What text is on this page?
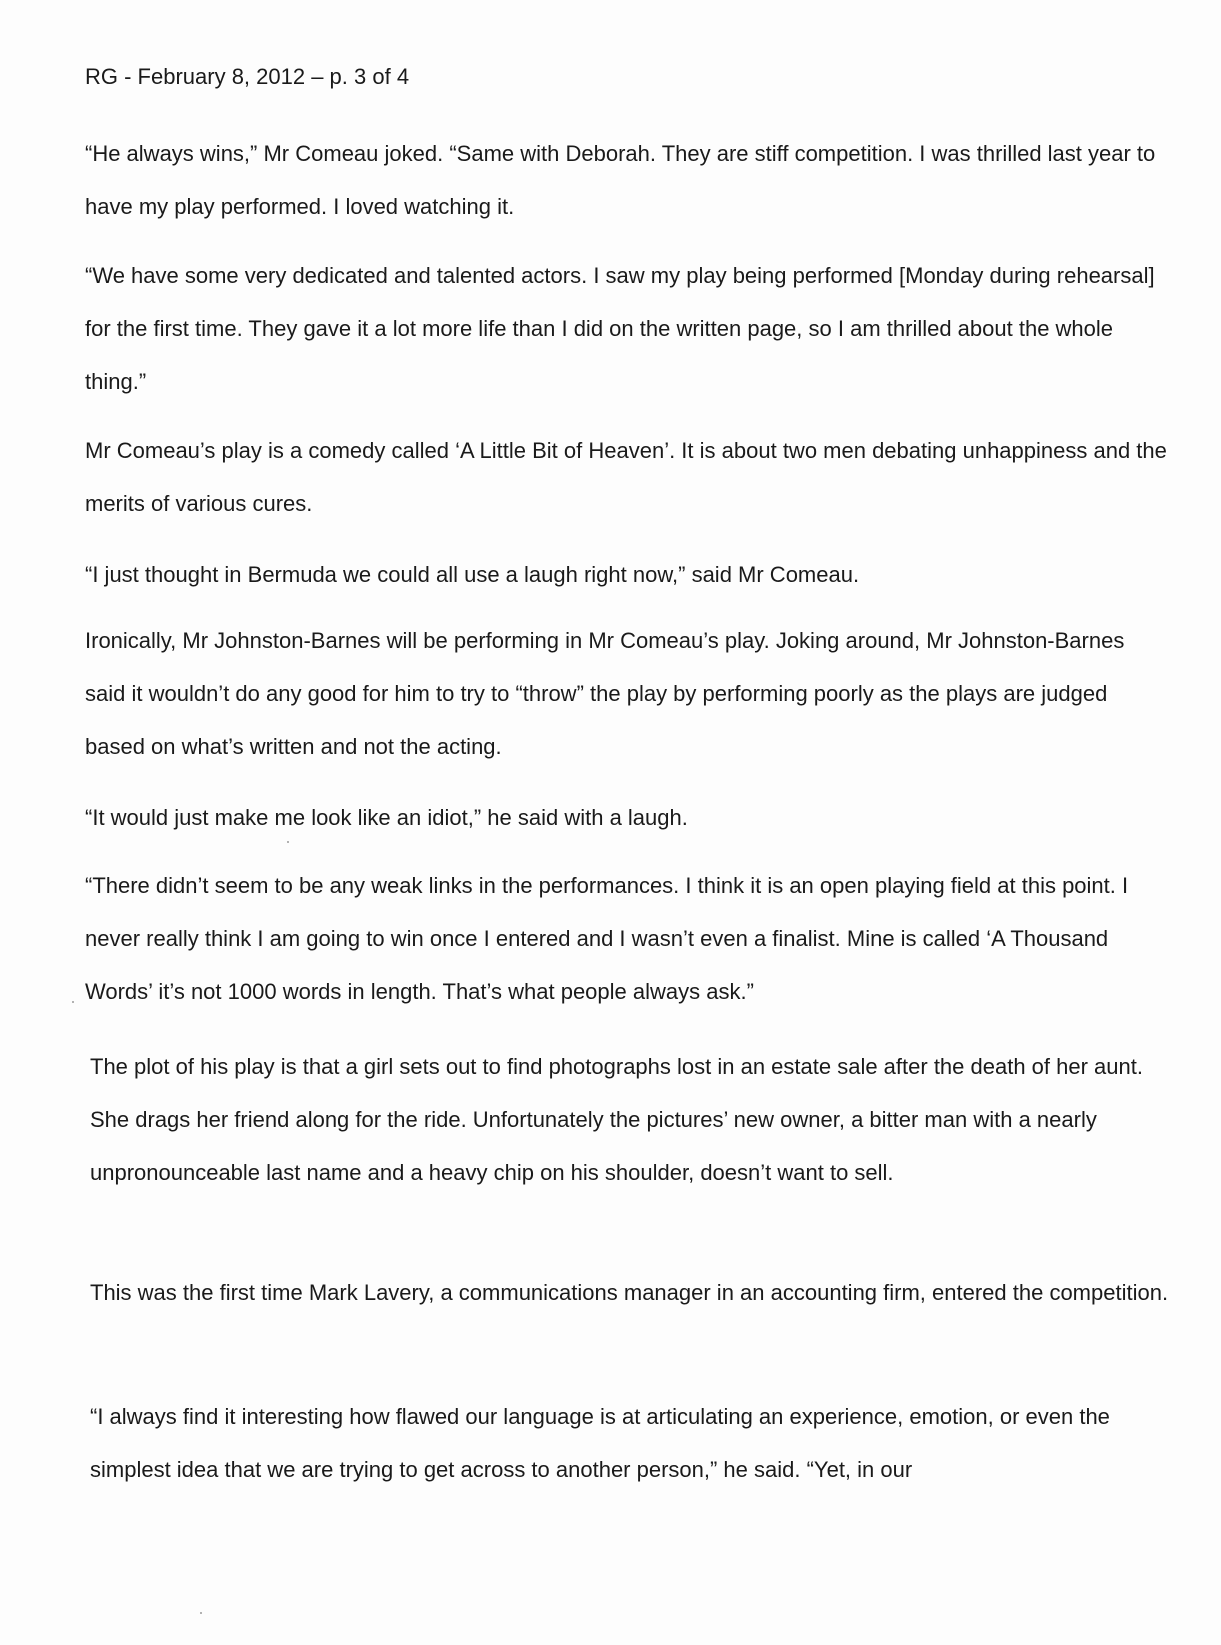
RG - February 8, 2012 – p. 3 of 4

“He always wins,” Mr Comeau joked. “Same with Deborah. They are stiff competition. I was thrilled last year to have my play performed. I loved watching it.

“We have some very dedicated and talented actors. I saw my play being performed [Monday during rehearsal] for the first time. They gave it a lot more life than I did on the written page, so I am thrilled about the whole thing.”

Mr Comeau’s play is a comedy called ‘A Little Bit of Heaven’. It is about two men debating unhappiness and the merits of various cures.

“I just thought in Bermuda we could all use a laugh right now,” said Mr Comeau.

Ironically, Mr Johnston-Barnes will be performing in Mr Comeau’s play. Joking around, Mr Johnston-Barnes said it wouldn’t do any good for him to try to “throw” the play by performing poorly as the plays are judged based on what’s written and not the acting.

“It would just make me look like an idiot,” he said with a laugh.

“There didn’t seem to be any weak links in the performances. I think it is an open playing field at this point. I never really think I am going to win once I entered and I wasn’t even a finalist. Mine is called ‘A Thousand Words’ it’s not 1000 words in length. That’s what people always ask.”

The plot of his play is that a girl sets out to find photographs lost in an estate sale after the death of her aunt. She drags her friend along for the ride. Unfortunately the pictures’ new owner, a bitter man with a nearly unpronounceable last name and a heavy chip on his shoulder, doesn’t want to sell.

This was the first time Mark Lavery, a communications manager in an accounting firm, entered the competition.

“I always find it interesting how flawed our language is at articulating an experience, emotion, or even the simplest idea that we are trying to get across to another person,” he said. “Yet, in our
